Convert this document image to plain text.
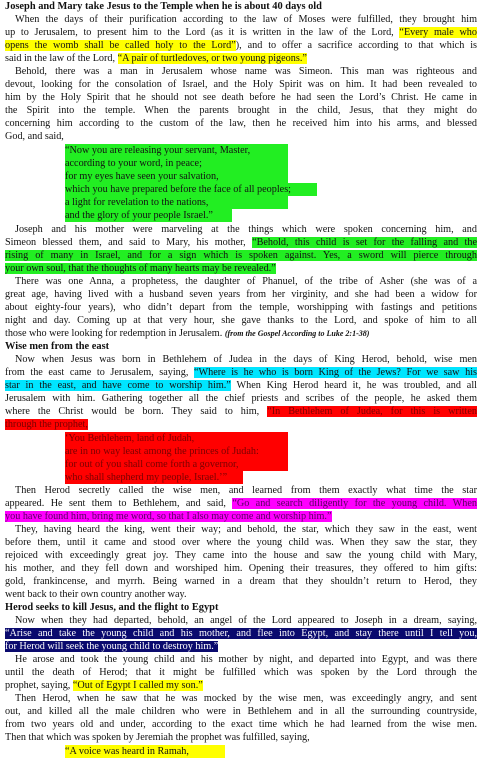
Joseph and Mary take Jesus to the Temple when he is about 40 days old
When the days of their purification according to the law of Moses were fulfilled, they brought him
up to Jerusalem, to present him to the Lord (as it is written in the law of the Lord, “Every male who
opens the womb shall be called holy to the Lord”), and to offer a sacrifice according to that which is
said in the law of the Lord, “A pair of turtledoves, or two young pigeons.”
Behold, there was a man in Jerusalem whose name was Simeon. This man was righteous and
devout, looking for the consolation of Israel, and the Holy Spirit was on him. It had been revealed to
him by the Holy Spirit that he should not see death before he had seen the Lord’s Christ. He came in
the Spirit into the temple. When the parents brought in the child, Jesus, that they might do
concerning him according to the custom of the law, then he received him into his arms, and blessed
God, and said,
“Now you are releasing your servant, Master,
according to your word, in peace;
for my eyes have seen your salvation,
which you have prepared before the face of all peoples;
a light for revelation to the nations,
and the glory of your people Israel.”
Joseph and his mother were marveling at the things which were spoken concerning him, and
Simeon blessed them, and said to Mary, his mother, “Behold, this child is set for the falling and the
rising of many in Israel, and for a sign which is spoken against. Yes, a sword will pierce through
your own soul, that the thoughts of many hearts may be revealed.”
There was one Anna, a prophetess, the daughter of Phanuel, of the tribe of Asher (she was of a
great age, having lived with a husband seven years from her virginity, and she had been a widow for
about eighty-four years), who didn’t depart from the temple, worshipping with fastings and petitions
night and day. Coming up at that very hour, she gave thanks to the Lord, and spoke of him to all
those who were looking for redemption in Jerusalem. (from the Gospel According to Luke 2:1-38)
Wise men from the east
Now when Jesus was born in Bethlehem of Judea in the days of King Herod, behold, wise men
from the east came to Jerusalem, saying, “Where is he who is born King of the Jews? For we saw his
star in the east, and have come to worship him.” When King Herod heard it, he was troubled, and all
Jerusalem with him. Gathering together all the chief priests and scribes of the people, he asked them
where the Christ would be born. They said to him, “In Bethlehem of Judea, for this is written
through the prophet,
‘You Bethlehem, land of Judah,
are in no way least among the princes of Judah:
for out of you shall come forth a governor,
who shall shepherd my people, Israel.’”
Then Herod secretly called the wise men, and learned from them exactly what time the star
appeared. He sent them to Bethlehem, and said, “Go and search diligently for the young child. When
you have found him, bring me word, so that I also may come and worship him.”
They, having heard the king, went their way; and behold, the star, which they saw in the east, went
before them, until it came and stood over where the young child was. When they saw the star, they
rejoiced with exceedingly great joy. They came into the house and saw the young child with Mary,
his mother, and they fell down and worshiped him. Opening their treasures, they offered to him gifts:
gold, frankincense, and myrrh. Being warned in a dream that they shouldn’t return to Herod, they
went back to their own country another way.
Herod seeks to kill Jesus, and the flight to Egypt
Now when they had departed, behold, an angel of the Lord appeared to Joseph in a dream, saying,
“Arise and take the young child and his mother, and flee into Egypt, and stay there until I tell you,
for Herod will seek the young child to destroy him.”
He arose and took the young child and his mother by night, and departed into Egypt, and was there
until the death of Herod; that it might be fulfilled which was spoken by the Lord through the
prophet, saying, “Out of Egypt I called my son.”
Then Herod, when he saw that he was mocked by the wise men, was exceedingly angry, and sent
out, and killed all the male children who were in Bethlehem and in all the surrounding countryside,
from two years old and under, according to the exact time which he had learned from the wise men.
Then that which was spoken by Jeremiah the prophet was fulfilled, saying,
“A voice was heard in Ramah,
